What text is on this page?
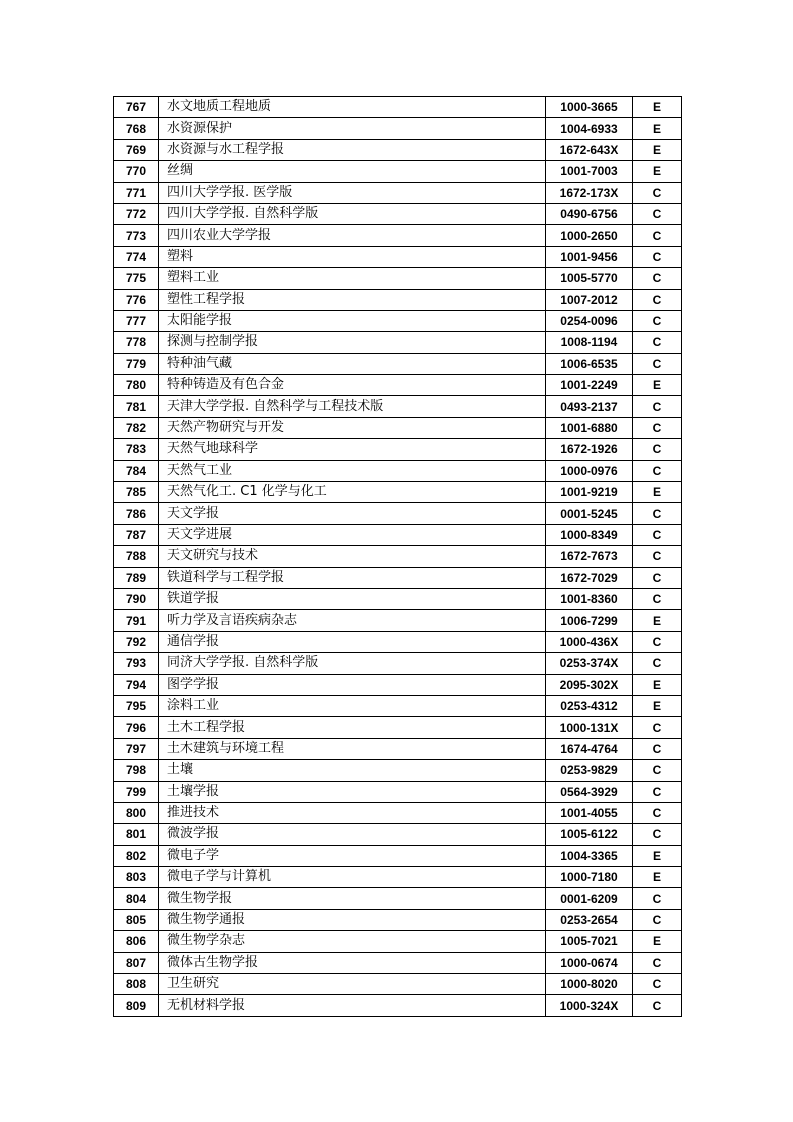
767	水文地质工程地质	1000-3665	E
768	水资源保护	1004-6933	E
769	水资源与水工程学报	1672-643X	E
770	丝绸	1001-7003	E
771	四川大学学报. 医学版	1672-173X	C
772	四川大学学报. 自然科学版	0490-6756	C
773	四川农业大学学报	1000-2650	C
774	塑料	1001-9456	C
775	塑料工业	1005-5770	C
776	塑性工程学报	1007-2012	C
777	太阳能学报	0254-0096	C
778	探测与控制学报	1008-1194	C
779	特种油气藏	1006-6535	C
780	特种铸造及有色合金	1001-2249	E
781	天津大学学报. 自然科学与工程技术版	0493-2137	C
782	天然产物研究与开发	1001-6880	C
783	天然气地球科学	1672-1926	C
784	天然气工业	1000-0976	C
785	天然气化工. C1 化学与化工	1001-9219	E
786	天文学报	0001-5245	C
787	天文学进展	1000-8349	C
788	天文研究与技术	1672-7673	C
789	铁道科学与工程学报	1672-7029	C
790	铁道学报	1001-8360	C
791	听力学及言语疾病杂志	1006-7299	E
792	通信学报	1000-436X	C
793	同济大学学报. 自然科学版	0253-374X	C
794	图学学报	2095-302X	E
795	涂料工业	0253-4312	E
796	土木工程学报	1000-131X	C
797	土木建筑与环境工程	1674-4764	C
798	土壤	0253-9829	C
799	土壤学报	0564-3929	C
800	推进技术	1001-4055	C
801	微波学报	1005-6122	C
802	微电子学	1004-3365	E
803	微电子学与计算机	1000-7180	E
804	微生物学报	0001-6209	C
805	微生物学通报	0253-2654	C
806	微生物学杂志	1005-7021	E
807	微体古生物学报	1000-0674	C
808	卫生研究	1000-8020	C
809	无机材料学报	1000-324X	C
